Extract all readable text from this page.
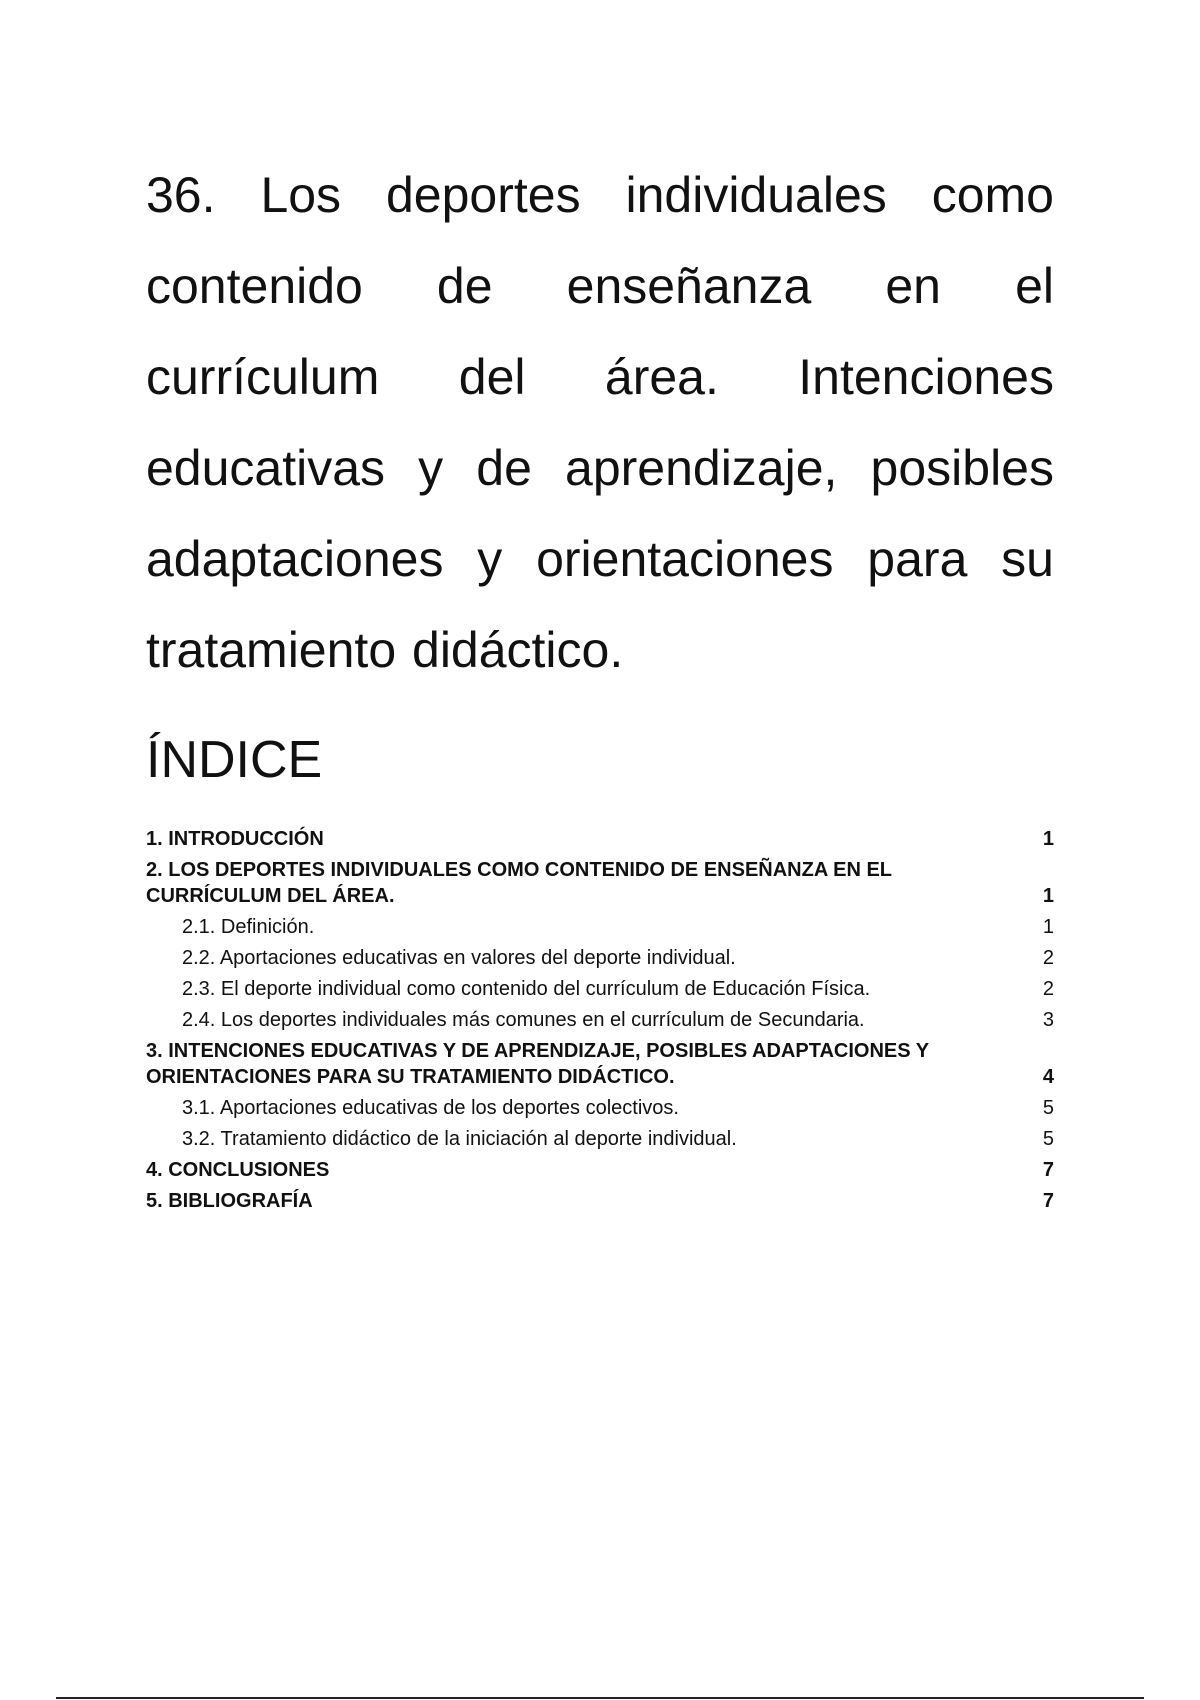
36. Los deportes individuales como contenido de enseñanza en el currículum del área. Intenciones educativas y de aprendizaje, posibles adaptaciones y orientaciones para su tratamiento didáctico.
ÍNDICE
1. INTRODUCCIÓN	1
2. LOS DEPORTES INDIVIDUALES COMO CONTENIDO DE ENSEÑANZA EN EL CURRÍCULUM DEL ÁREA.	1
2.1. Definición.	1
2.2. Aportaciones educativas en valores del deporte individual.	2
2.3. El deporte individual como contenido del currículum de Educación Física.	2
2.4. Los deportes individuales más comunes en el currículum de Secundaria.	3
3. INTENCIONES EDUCATIVAS Y DE APRENDIZAJE, POSIBLES ADAPTACIONES Y ORIENTACIONES PARA SU TRATAMIENTO DIDÁCTICO.	4
3.1. Aportaciones educativas de los deportes colectivos.	5
3.2. Tratamiento didáctico de la iniciación al deporte individual.	5
4. CONCLUSIONES	7
5. BIBLIOGRAFÍA	7
